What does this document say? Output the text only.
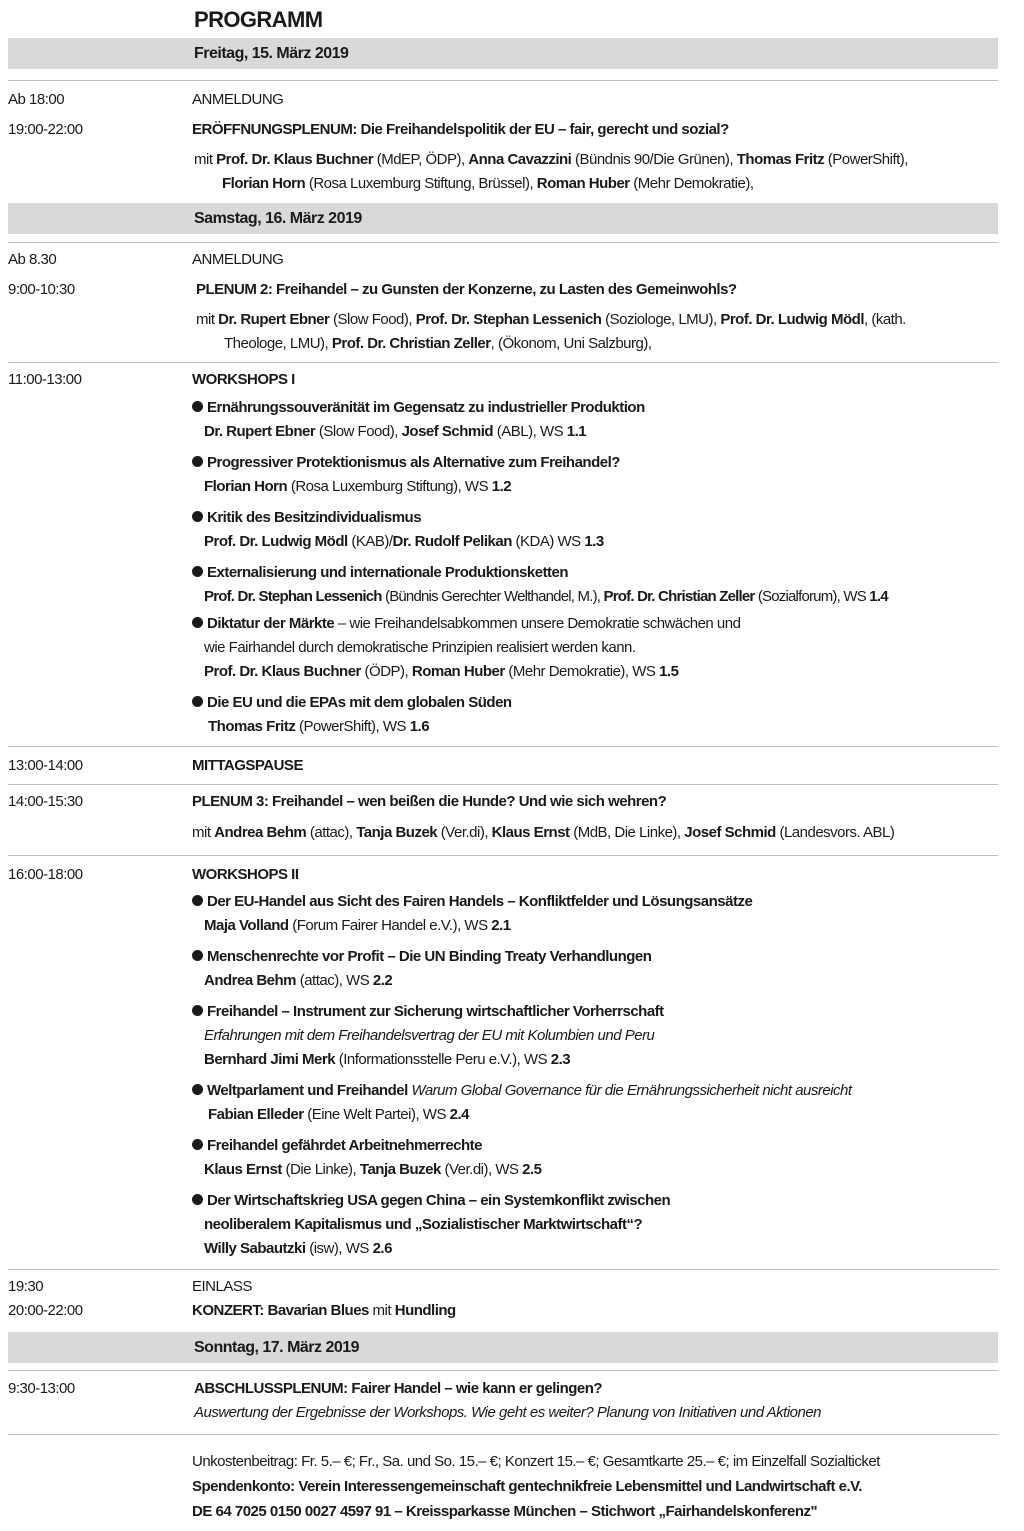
PROGRAMM
Freitag, 15. März 2019
Ab 18:00	ANMELDUNG
19:00-22:00	ERÖFFNUNGSPLENUM: Die Freihandelspolitik der EU – fair, gerecht und sozial?
mit Prof. Dr. Klaus Buchner (MdEP, ÖDP), Anna Cavazzini (Bündnis 90/Die Grünen), Thomas Fritz (PowerShift),
Florian Horn (Rosa Luxemburg Stiftung, Brüssel), Roman Huber (Mehr Demokratie),
Samstag, 16. März 2019
Ab 8.30	ANMELDUNG
9:00-10:30	PLENUM 2: Freihandel – zu Gunsten der Konzerne, zu Lasten des Gemeinwohls?
mit Dr. Rupert Ebner (Slow Food), Prof. Dr. Stephan Lessenich (Soziologe, LMU), Prof. Dr. Ludwig Mödl, (kath.
Theologe, LMU), Prof. Dr. Christian Zeller, (Ökonom, Uni Salzburg),
11:00-13:00	WORKSHOPS I
Ernährungssouveränität im Gegensatz zu industrieller Produktion
Dr. Rupert Ebner (Slow Food), Josef Schmid (ABL), WS 1.1
Progressiver Protektionismus als Alternative zum Freihandel?
Florian Horn (Rosa Luxemburg Stiftung), WS 1.2
Kritik des Besitzindividualismus
Prof. Dr. Ludwig Mödl (KAB)/Dr. Rudolf Pelikan (KDA) WS 1.3
Externalisierung und internationale Produktionsketten
Prof. Dr. Stephan Lessenich (Bündnis Gerechter Welthandel, M.), Prof. Dr. Christian Zeller (Sozialforum), WS 1.4
Diktatur der Märkte – wie Freihandelsabkommen unsere Demokratie schwächen und
wie Fairhandel durch demokratische Prinzipien realisiert werden kann.
Prof. Dr. Klaus Buchner (ÖDP), Roman Huber (Mehr Demokratie), WS 1.5
Die EU und die EPAs mit dem globalen Süden
Thomas Fritz (PowerShift), WS 1.6
13:00-14:00	MITTAGSPAUSE
14:00-15:30	PLENUM 3: Freihandel – wen beißen die Hunde? Und wie sich wehren?
mit Andrea Behm (attac), Tanja Buzek (Ver.di), Klaus Ernst (MdB, Die Linke), Josef Schmid (Landesvors. ABL)
16:00-18:00	WORKSHOPS II
Der EU-Handel aus Sicht des Fairen Handels – Konfliktfelder und Lösungsansätze
Maja Volland (Forum Fairer Handel e.V.), WS 2.1
Menschenrechte vor Profit – Die UN Binding Treaty Verhandlungen
Andrea Behm (attac), WS 2.2
Freihandel – Instrument zur Sicherung wirtschaftlicher Vorherrschaft
Erfahrungen mit dem Freihandelsvertrag der EU mit Kolumbien und Peru
Bernhard Jimi Merk (Informationsstelle Peru e.V.), WS 2.3
Weltparlament und Freihandel Warum Global Governance für die Ernährungssicherheit nicht ausreicht
Fabian Elleder (Eine Welt Partei), WS 2.4
Freihandel gefährdet Arbeitnehmerrechte
Klaus Ernst (Die Linke), Tanja Buzek (Ver.di), WS 2.5
Der Wirtschaftskrieg USA gegen China – ein Systemkonflikt zwischen
neoliberalem Kapitalismus und „Sozialistischer Marktwirtschaft“?
Willy Sabautzki (isw), WS 2.6
19:30	EINLASS
20:00-22:00	KONZERT: Bavarian Blues mit Hundling
Sonntag, 17. März 2019
9:30-13:00	ABSCHLUSSPLENUM: Fairer Handel – wie kann er gelingen?
Auswertung der Ergebnisse der Workshops. Wie geht es weiter? Planung von Initiativen und Aktionen
Unkostenbeitrag: Fr. 5.– €; Fr., Sa. und So. 15.– €; Konzert 15.– €; Gesamtkarte 25.– €; im Einzelfall Sozialticket
Spendenkonto: Verein Interessengemeinschaft gentechnikfreie Lebensmittel und Landwirtschaft e.V.
DE 64 7025 0150 0027 4597 91 – Kreissparkasse München – Stichwort „Fairhandelskonferenz"
